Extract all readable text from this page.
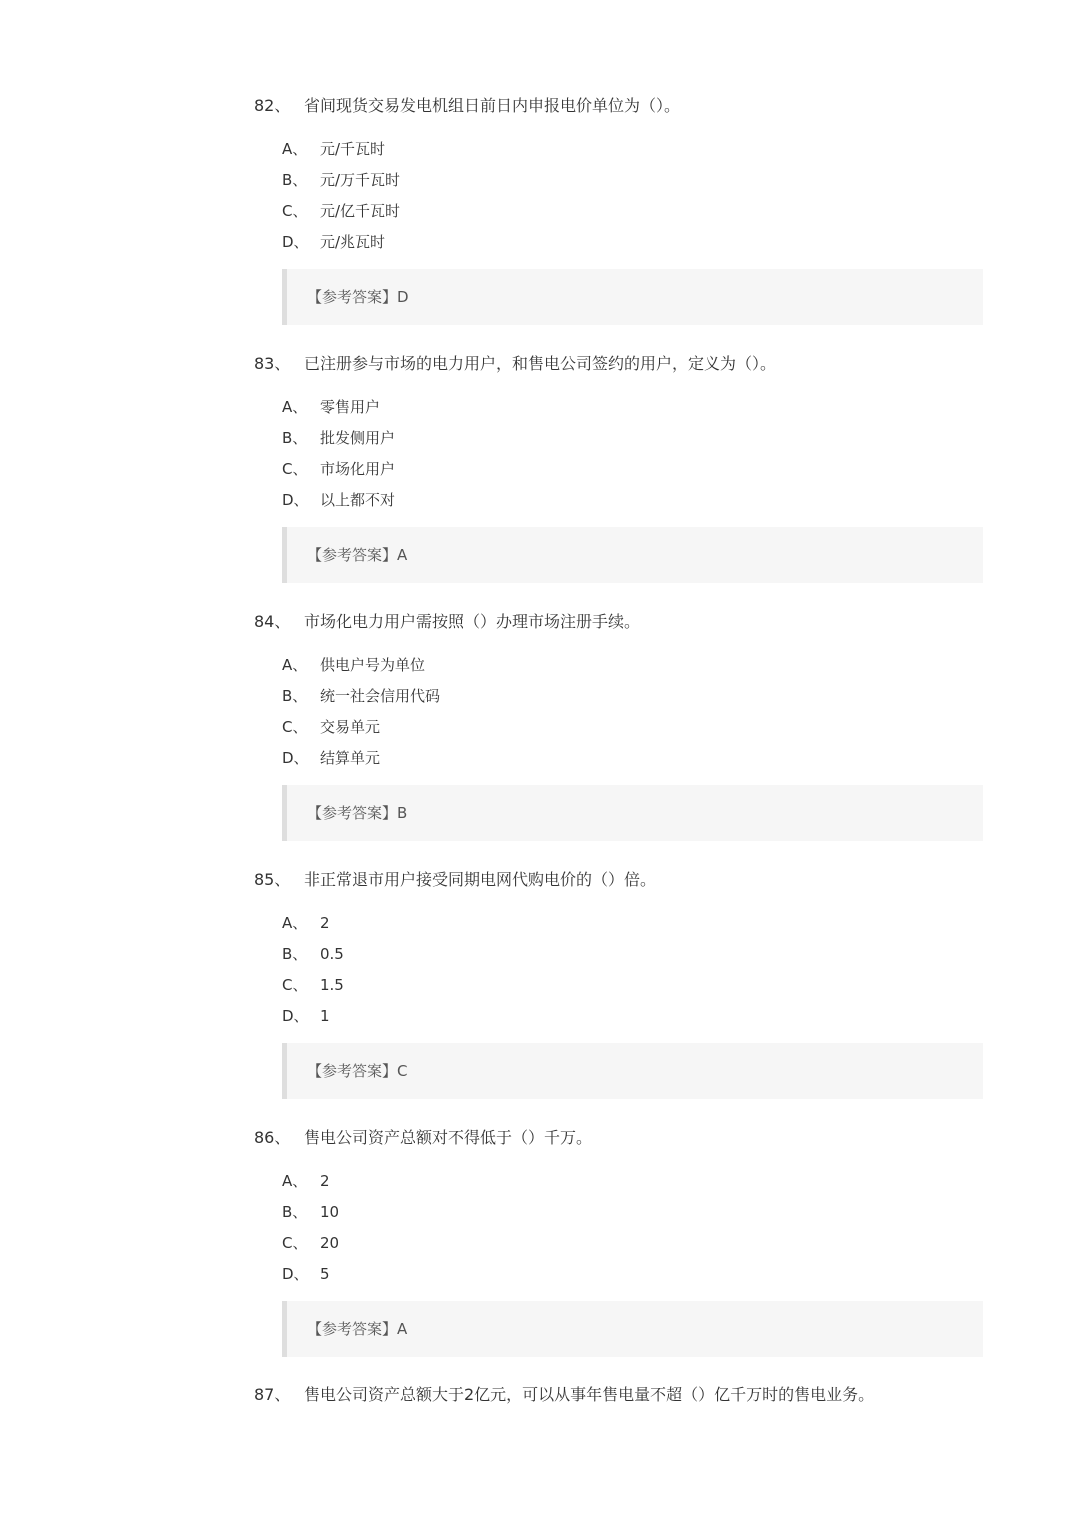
82、 省间现货交易发电机组日前日内申报电价单位为（）。
A、 元/千瓦时
B、 元/万千瓦时
C、 元/亿千瓦时
D、 元/兆瓦时
【参考答案】D
83、 已注册参与市场的电力用户，和售电公司签约的用户，定义为（）。
A、 零售用户
B、 批发侧用户
C、 市场化用户
D、 以上都不对
【参考答案】A
84、 市场化电力用户需按照（）办理市场注册手续。
A、 供电户号为单位
B、 统一社会信用代码
C、 交易单元
D、 结算单元
【参考答案】B
85、 非正常退市用户接受同期电网代购电价的（）倍。
A、 2
B、 0.5
C、 1.5
D、 1
【参考答案】C
86、 售电公司资产总额对不得低于（）千万。
A、 2
B、 10
C、 20
D、 5
【参考答案】A
87、 售电公司资产总额大于2亿元，可以从事年售电量不超（）亿千万时的售电业务。
